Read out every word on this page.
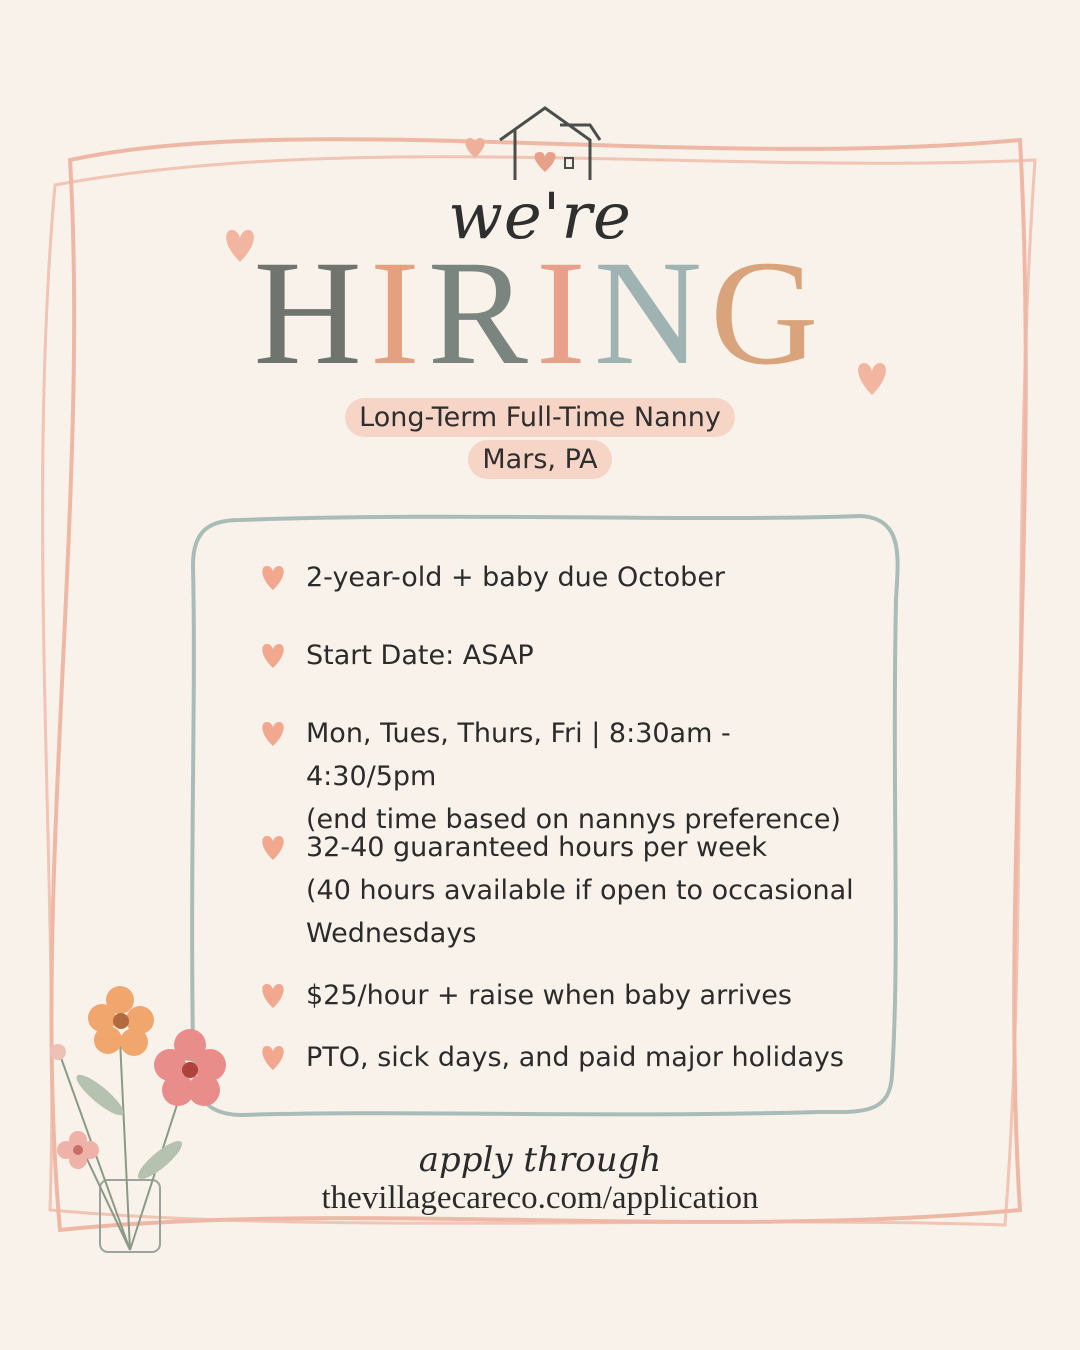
we're
HIRING
Long-Term Full-Time Nanny
Mars, PA
2-year-old + baby due October
Start Date: ASAP
Mon, Tues, Thurs, Fri | 8:30am - 4:30/5pm
(end time based on nannys preference)
32-40 guaranteed hours per week
(40 hours available if open to occasional
Wednesdays
$25/hour + raise when baby arrives
PTO, sick days, and paid major holidays
apply through
thevillagecareco.com/application
